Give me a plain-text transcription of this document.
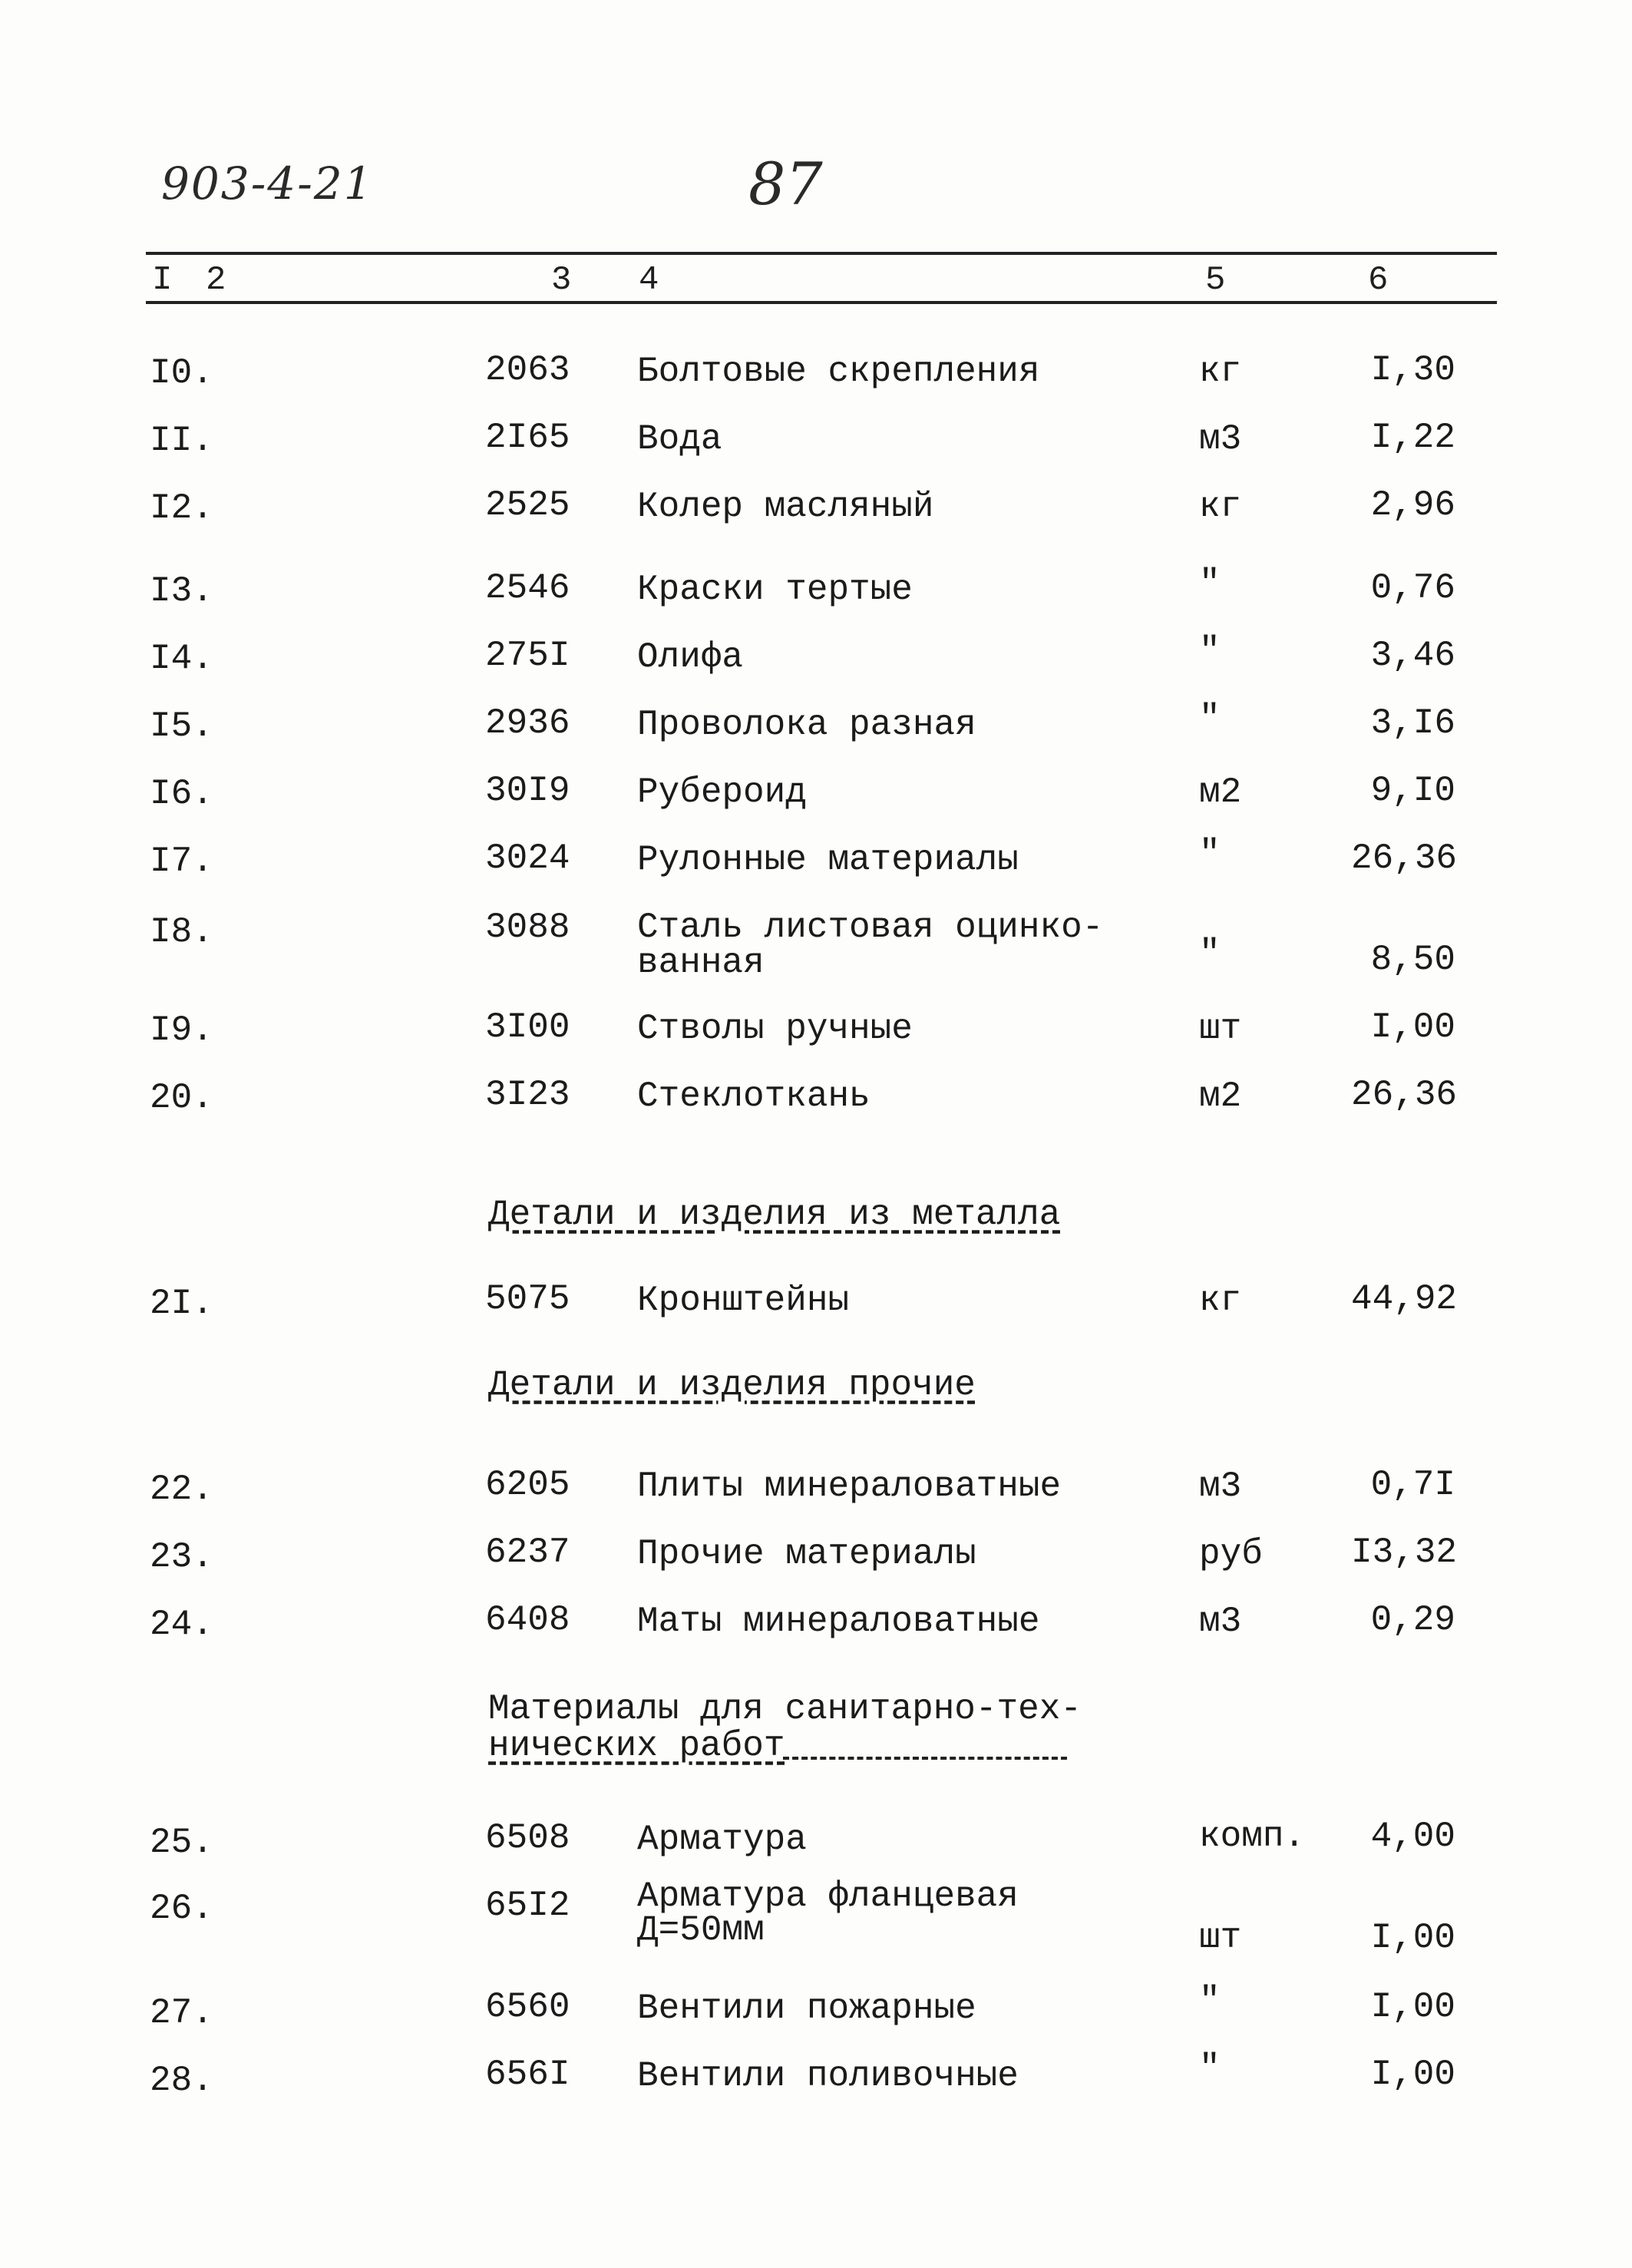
903-4-21	87
I 2	3 4	5	6
I0.	2063 Болтовые скрепления	кг	I,30
II.	2I65 Вода	м3	I,22
I2.	2525 Колер масляный	кг	2,96
I3.	2546 Краски тертые	"	0,76
I4.	275I Олифа	"	3,46
I5.	2936 Проволока разная	"	3,I6
I6.	30I9 Рубероид	м2	9,I0
I7.	3024 Рулонные материалы	"	26,36
I8.	3088 Сталь листовая оцинко-
ванная	"	8,50
I9.	3I00 Стволы ручные	шт	I,00
20.	3I23 Стеклоткань	м2	26,36
Детали и изделия из металла
2I.	5075 Кронштейны	кг	44,92
Детали и изделия прочие
22.	6205 Плиты минераловатные	м3	0,7I
23.	6237 Прочие материалы	руб	I3,32
24.	6408 Маты минераловатные	м3	0,29
Материалы для санитарно-тех-
нических работ
25.	6508 Арматура	комп.	4,00
26.	65I2 Арматура фланцевая
Д=50мм	шт	I,00
27.	6560 Вентили пожарные	"	I,00
28.	656I Вентили поливочные	"	I,00
